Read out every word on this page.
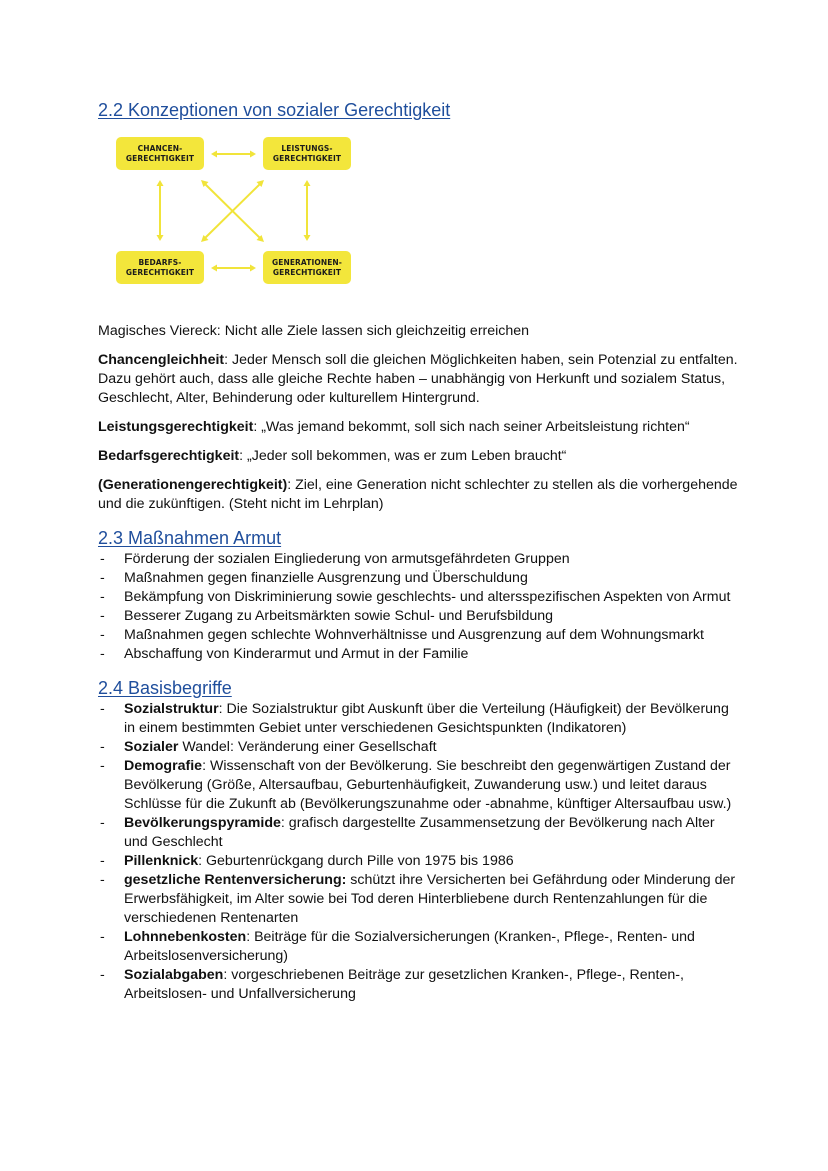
2.2 Konzeptionen von sozialer Gerechtigkeit
CHANCEN-
GERECHTIGKEIT
LEISTUNGS-
GERECHTIGKEIT
BEDARFS-
GERECHTIGKEIT
GENERATIONEN-
GERECHTIGKEIT

Magisches Viereck: Nicht alle Ziele lassen sich gleichzeitig erreichen

Chancengleichheit: Jeder Mensch soll die gleichen Möglichkeiten haben, sein Potenzial zu entfalten. Dazu gehört auch, dass alle gleiche Rechte haben – unabhängig von Herkunft und sozialem Status, Geschlecht, Alter, Behinderung oder kulturellem Hintergrund.

Leistungsgerechtigkeit: „Was jemand bekommt, soll sich nach seiner Arbeitsleistung richten“

Bedarfsgerechtigkeit: „Jeder soll bekommen, was er zum Leben braucht“

(Generationengerechtigkeit): Ziel, eine Generation nicht schlechter zu stellen als die vorhergehende und die zukünftigen. (Steht nicht im Lehrplan)

2.3 Maßnahmen Armut
- Förderung der sozialen Eingliederung von armutsgefährdeten Gruppen
- Maßnahmen gegen finanzielle Ausgrenzung und Überschuldung
- Bekämpfung von Diskriminierung sowie geschlechts- und altersspezifischen Aspekten von Armut
- Besserer Zugang zu Arbeitsmärkten sowie Schul- und Berufsbildung
- Maßnahmen gegen schlechte Wohnverhältnisse und Ausgrenzung auf dem Wohnungsmarkt
- Abschaffung von Kinderarmut und Armut in der Familie
2.4 Basisbegriffe
- Sozialstruktur: Die Sozialstruktur gibt Auskunft über die Verteilung (Häufigkeit) der Bevölkerung in einem bestimmten Gebiet unter verschiedenen Gesichtspunkten (Indikatoren)
- Sozialer Wandel: Veränderung einer Gesellschaft
- Demografie: Wissenschaft von der Bevölkerung. Sie beschreibt den gegenwärtigen Zustand der Bevölkerung (Größe, Altersaufbau, Geburtenhäufigkeit, Zuwanderung usw.) und leitet daraus Schlüsse für die Zukunft ab (Bevölkerungszunahme oder -abnahme, künftiger Altersaufbau usw.)
- Bevölkerungspyramide: grafisch dargestellte Zusammensetzung der Bevölkerung nach Alter und Geschlecht
- Pillenknick: Geburtenrückgang durch Pille von 1975 bis 1986
- gesetzliche Rentenversicherung: schützt ihre Versicherten bei Gefährdung oder Minderung der Erwerbsfähigkeit, im Alter sowie bei Tod deren Hinterbliebene durch Rentenzahlungen für die verschiedenen Rentenarten
- Lohnnebenkosten: Beiträge für die Sozialversicherungen (Kranken-, Pflege-, Renten- und Arbeitslosenversicherung)
- Sozialabgaben: vorgeschriebenen Beiträge zur gesetzlichen Kranken-, Pflege-, Renten-, Arbeitslosen- und Unfallversicherung
